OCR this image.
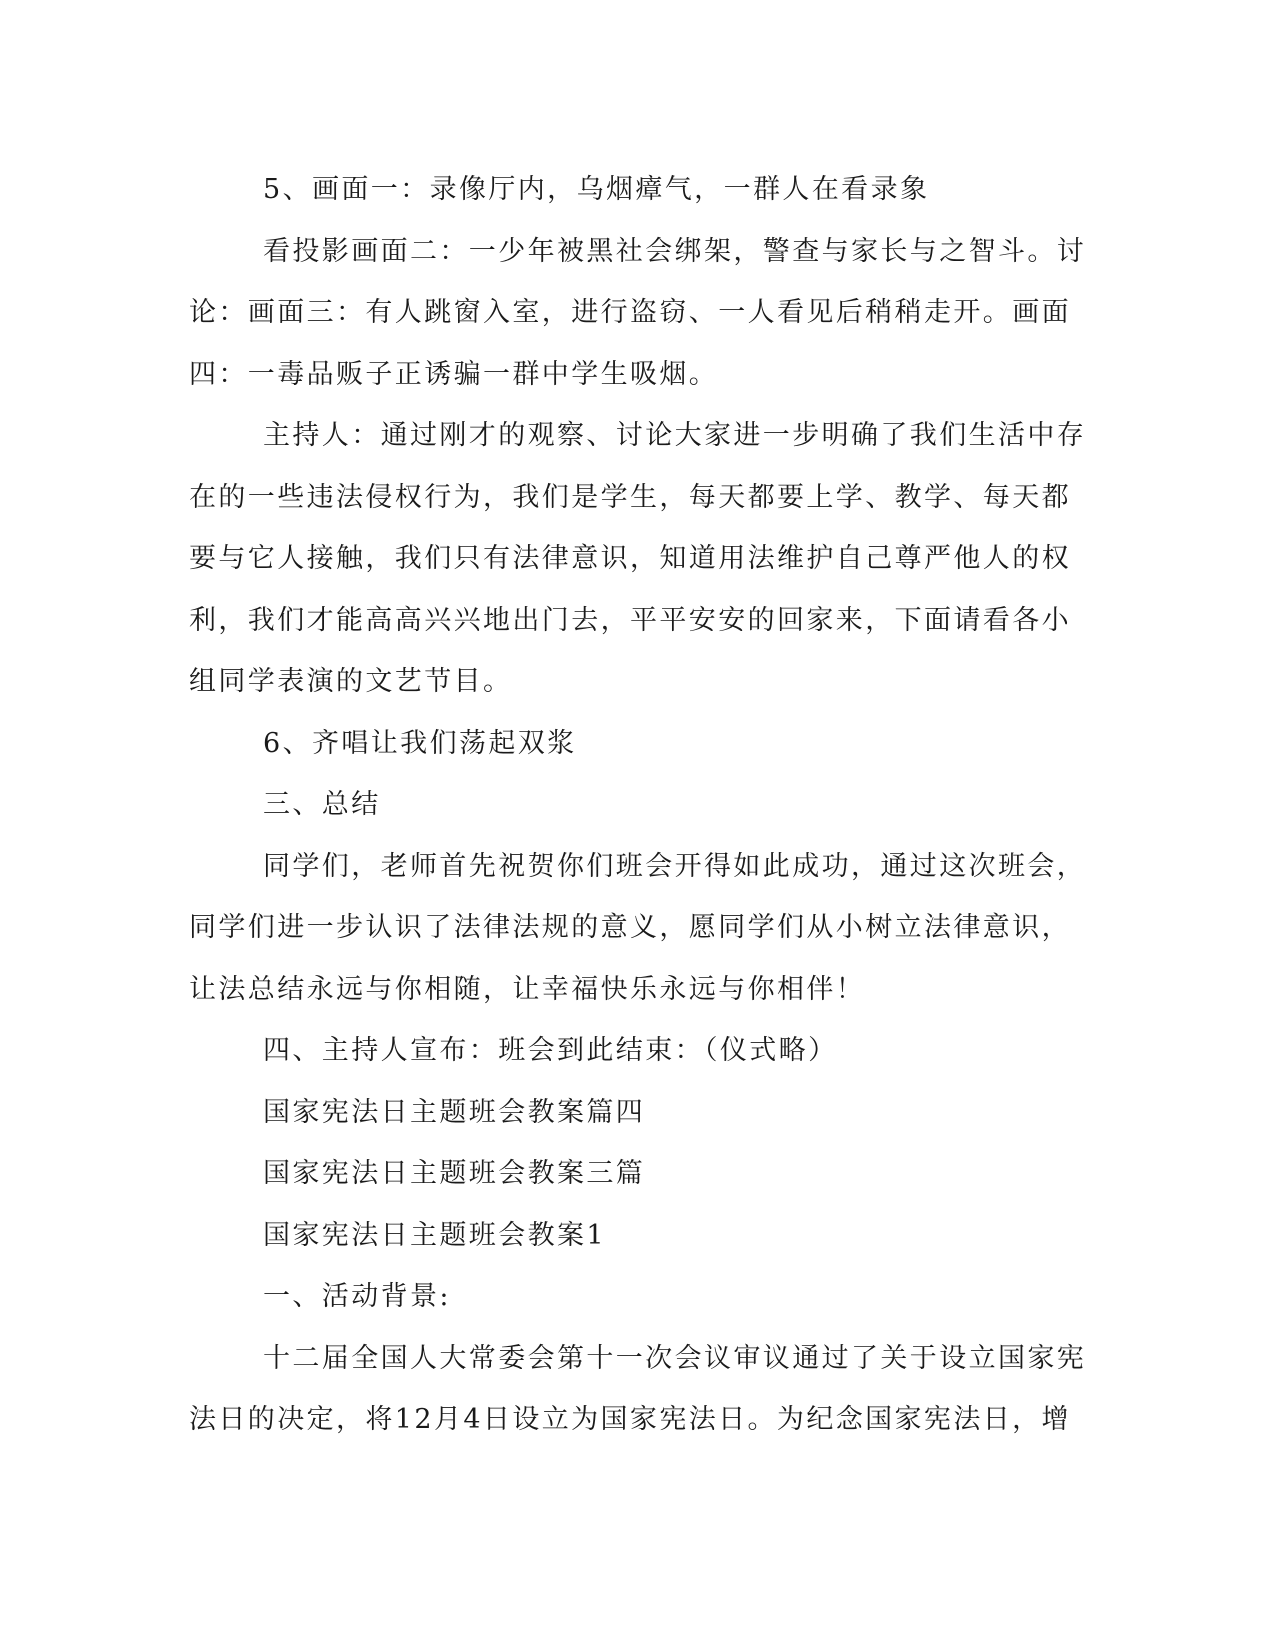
5、画面一：录像厅内，乌烟瘴气，一群人在看录象

看投影画面二：一少年被黑社会绑架，警查与家长与之智斗。讨论：画面三：有人跳窗入室，进行盗窃、一人看见后稍稍走开。画面四：一毒品贩子正诱骗一群中学生吸烟。

主持人：通过刚才的观察、讨论大家进一步明确了我们生活中存在的一些违法侵权行为，我们是学生，每天都要上学、教学、每天都要与它人接触，我们只有法律意识，知道用法维护自己尊严他人的权利，我们才能高高兴兴地出门去，平平安安的回家来，下面请看各小组同学表演的文艺节目。

6、齐唱让我们荡起双浆

三、总结

同学们，老师首先祝贺你们班会开得如此成功，通过这次班会，同学们进一步认识了法律法规的意义，愿同学们从小树立法律意识，让法总结永远与你相随，让幸福快乐永远与你相伴！

四、主持人宣布：班会到此结束：（仪式略）

国家宪法日主题班会教案篇四

国家宪法日主题班会教案三篇

国家宪法日主题班会教案1

一、活动背景:

十二届全国人大常委会第十一次会议审议通过了关于设立国家宪法日的决定，将12月4日设立为国家宪法日。为纪念国家宪法日，增
